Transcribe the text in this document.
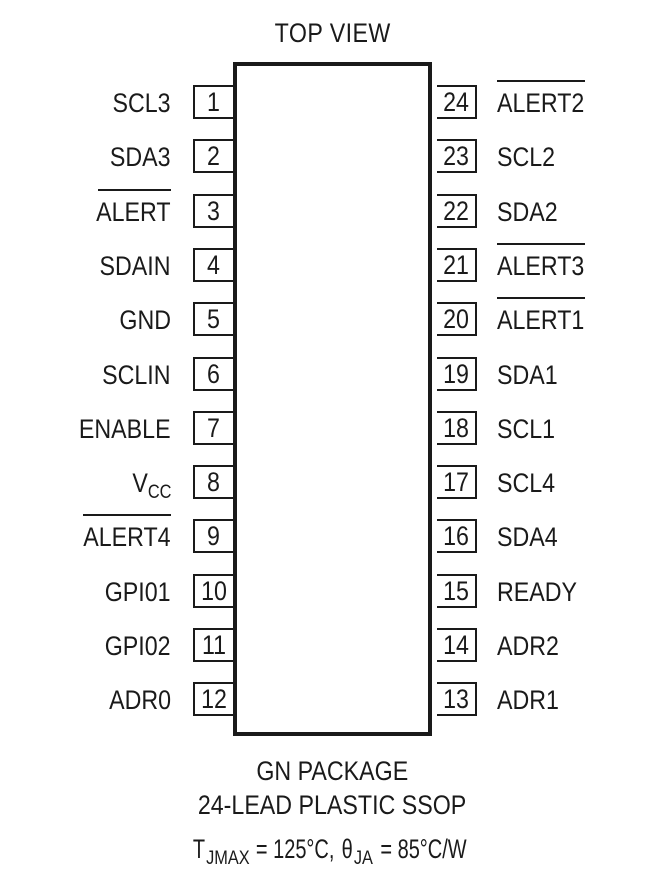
TOP VIEW
1
SCL3
2
SDA3
3
ALERT
4
SDAIN
5
GND
6
SCLIN
7
ENABLE
8
$V_{CC}$
9
ALERT4
10
GPI01
11
GPI02
12
ADR0
24 ALERT2
23 SCL2
22 SDA2
21 ALERT3
20 ALERT1
19 SDA1
18 SCL1
17 SCL4
16 SDA4
15 READY
14 ADR2
13 ADR1
GN PACKAGE
24-LEAD PLASTIC SSOP
$T_{JMAX}= 125^\circ C,\theta_{JA}= 85^\circ C/W$
